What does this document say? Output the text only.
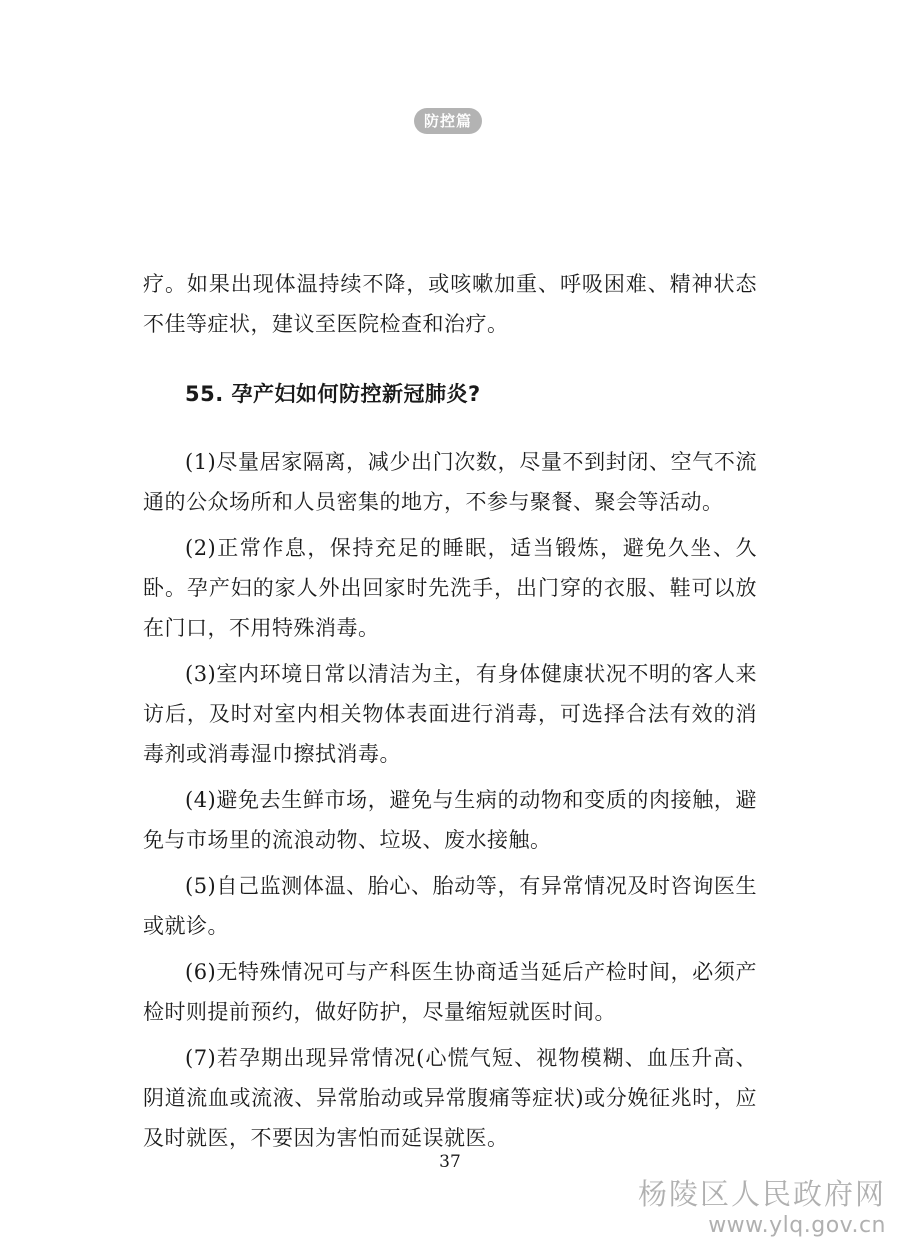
防控篇

疗。如果出现体温持续不降，或咳嗽加重、呼吸困难、精神状态不佳等症状，建议至医院检查和治疗。

55. 孕产妇如何防控新冠肺炎?

(1)尽量居家隔离，减少出门次数，尽量不到封闭、空气不流通的公众场所和人员密集的地方，不参与聚餐、聚会等活动。

(2)正常作息，保持充足的睡眠，适当锻炼，避免久坐、久卧。孕产妇的家人外出回家时先洗手，出门穿的衣服、鞋可以放在门口，不用特殊消毒。

(3)室内环境日常以清洁为主，有身体健康状况不明的客人来访后，及时对室内相关物体表面进行消毒，可选择合法有效的消毒剂或消毒湿巾擦拭消毒。

(4)避免去生鲜市场，避免与生病的动物和变质的肉接触，避免与市场里的流浪动物、垃圾、废水接触。

(5)自己监测体温、胎心、胎动等，有异常情况及时咨询医生或就诊。

(6)无特殊情况可与产科医生协商适当延后产检时间，必须产检时则提前预约，做好防护，尽量缩短就医时间。

(7)若孕期出现异常情况(心慌气短、视物模糊、血压升高、阴道流血或流液、异常胎动或异常腹痛等症状)或分娩征兆时，应及时就医，不要因为害怕而延误就医。

37
杨陵区人民政府网
www.ylq.gov.cn
